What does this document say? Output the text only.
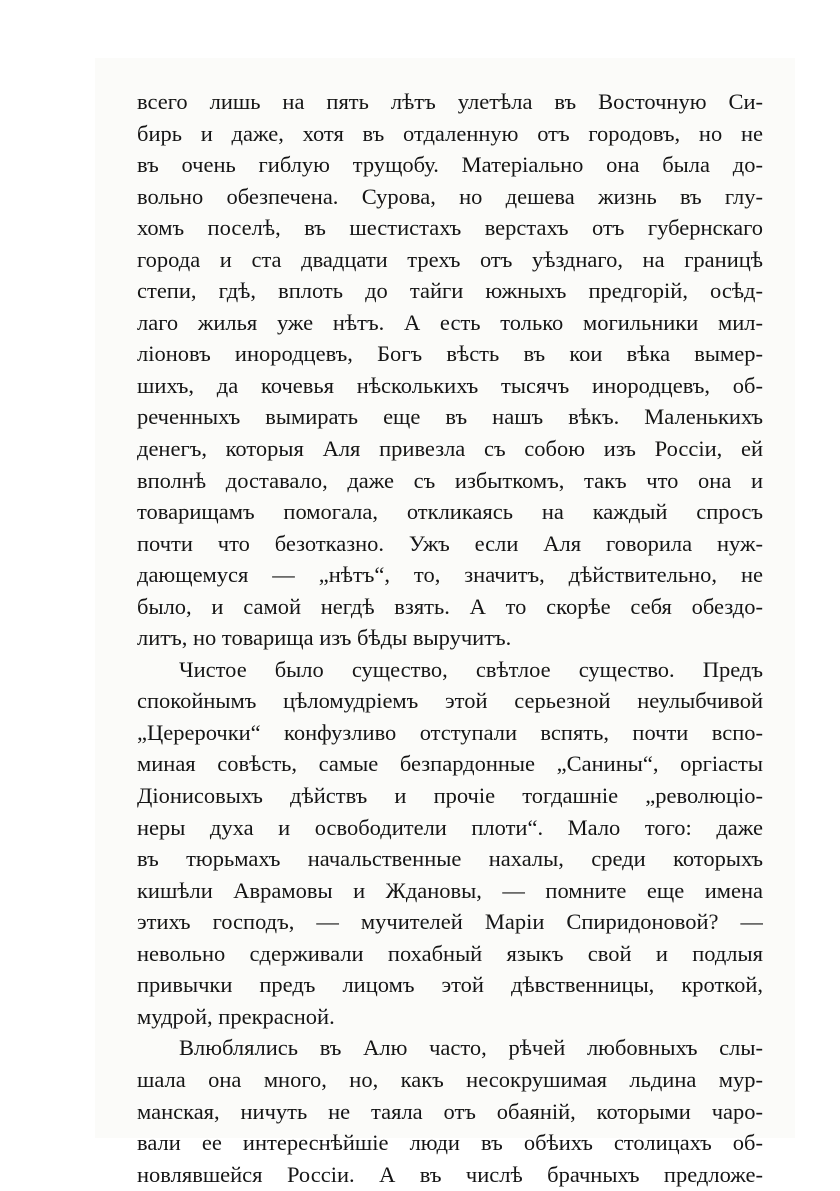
всего лишь на пять лѣтъ улетѣла въ Восточную Си-
бирь и даже, хотя въ отдаленную отъ городовъ, но не
въ очень гиблую трущобу. Матеріально она была до-
вольно обезпечена. Сурова, но дешева жизнь въ глу-
хомъ поселѣ, въ шестистахъ верстахъ отъ губернскаго
города и ста двадцати трехъ отъ уѣзднаго, на границѣ
степи, гдѣ, вплоть до тайги южныхъ предгорій, осѣд-
лаго жилья уже нѣтъ. А есть только могильники мил-
ліоновъ инородцевъ, Богъ вѣсть въ кои вѣка вымер-
шихъ, да кочевья нѣсколькихъ тысячъ инородцевъ, об-
реченныхъ вымирать еще въ нашъ вѣкъ. Маленькихъ
денегъ, которыя Аля привезла съ собою изъ Россіи, ей
вполнѣ доставало, даже съ избыткомъ, такъ что она и
товарищамъ помогала, откликаясь на каждый спросъ
почти что безотказно. Ужъ если Аля говорила нуж-
дающемуся — „нѣтъ“, то, значитъ, дѣйствительно, не
было, и самой негдѣ взять. А то скорѣе себя обездо-
литъ, но товарища изъ бѣды выручитъ.
Чистое было существо, свѣтлое существо. Предъ
спокойнымъ цѣломудріемъ этой серьезной неулыбчивой
„Церерочки“ конфузливо отступали вспять, почти вспо-
миная совѣсть, самые безпардонные „Санины“, оргіасты
Діонисовыхъ дѣйствъ и прочіе тогдашніе „революціо-
неры духа и освободители плоти“. Мало того: даже
въ тюрьмахъ начальственные нахалы, среди которыхъ
кишѣли Аврамовы и Ждановы, — помните еще имена
этихъ господъ, — мучителей Маріи Спиридоновой? —
невольно сдерживали похабный языкъ свой и подлыя
привычки предъ лицомъ этой дѣвственницы, кроткой,
мудрой, прекрасной.
Влюблялись въ Алю часто, рѣчей любовныхъ слы-
шала она много, но, какъ несокрушимая льдина мур-
манская, ничуть не таяла отъ обаяній, которыми чаро-
вали ее интереснѣйшіе люди въ обѣихъ столицахъ об-
новлявшейся Россіи. А въ числѣ брачныхъ предложе-
